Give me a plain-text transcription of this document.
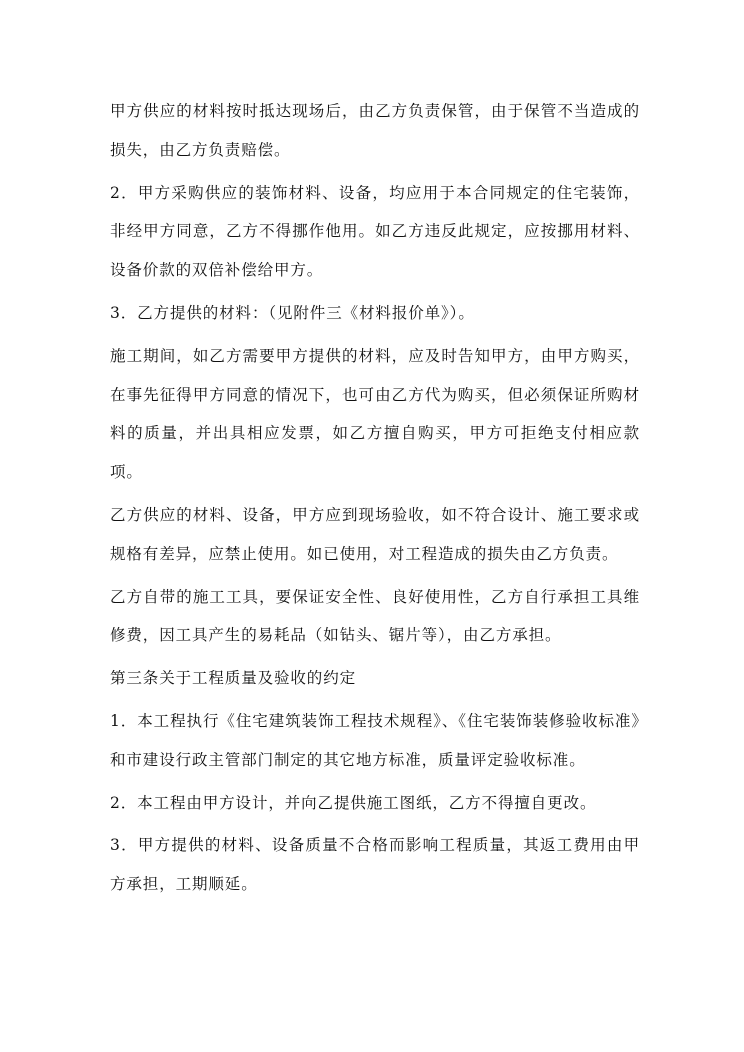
甲方供应的材料按时抵达现场后，由乙方负责保管，由于保管不当造成的损失，由乙方负责赔偿。

2．甲方采购供应的装饰材料、设备，均应用于本合同规定的住宅装饰，非经甲方同意，乙方不得挪作他用。如乙方违反此规定，应按挪用材料、设备价款的双倍补偿给甲方。

3．乙方提供的材料：（见附件三《材料报价单》）。

施工期间，如乙方需要甲方提供的材料，应及时告知甲方，由甲方购买，在事先征得甲方同意的情况下，也可由乙方代为购买，但必须保证所购材料的质量，并出具相应发票，如乙方擅自购买，甲方可拒绝支付相应款项。

乙方供应的材料、设备，甲方应到现场验收，如不符合设计、施工要求或规格有差异，应禁止使用。如已使用，对工程造成的损失由乙方负责。

乙方自带的施工工具，要保证安全性、良好使用性，乙方自行承担工具维修费，因工具产生的易耗品（如钻头、锯片等），由乙方承担。

第三条关于工程质量及验收的约定

1．本工程执行《住宅建筑装饰工程技术规程》、《住宅装饰装修验收标准》和市建设行政主管部门制定的其它地方标准，质量评定验收标准。

2．本工程由甲方设计，并向乙提供施工图纸，乙方不得擅自更改。

3．甲方提供的材料、设备质量不合格而影响工程质量，其返工费用由甲方承担，工期顺延。
